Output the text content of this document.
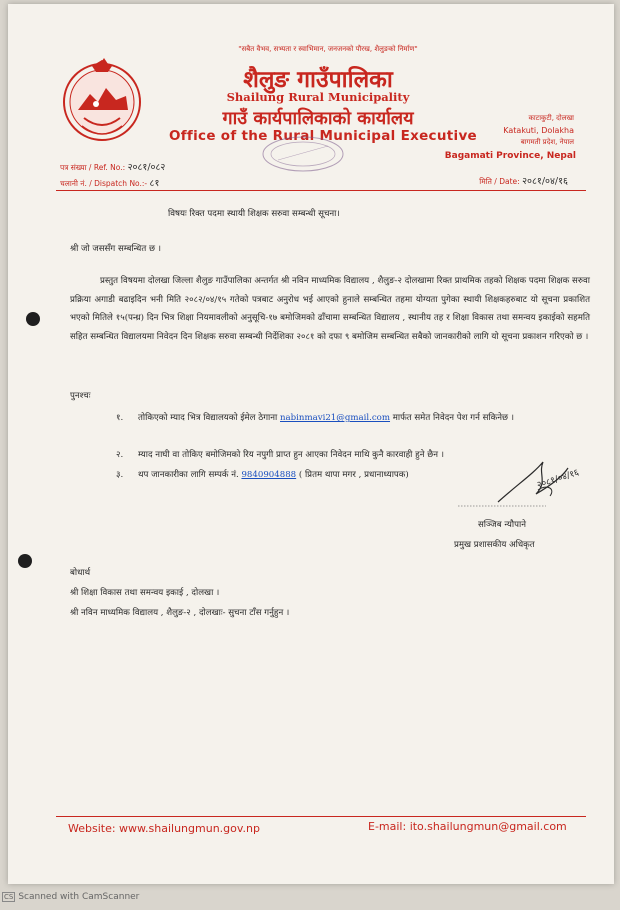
"सबैत वैभव, सभ्यता र स्वाभिमान, जनजनको पौरख, शैलुङको निर्माण"
शैलुङ गाउँपालिका
Shailung Rural Municipality
गाउँ कार्यपालिकाको कार्यालय
Office of the Rural Municipal Executive
काटाकुटी, दोलखा
Katakuti, Dolakha
बागमती प्रदेश, नेपाल
Bagamati Province, Nepal
पत्र संख्या / Ref. No.: २०८१/०८२
चलानी नं. / Dispatch No.:- ८१	मिति / Date: २०८१/०४/१६
विषयः रिक्त पदमा स्थायी शिक्षक सरुवा सम्बन्धी सूचना।
श्री जो जससँग सम्बन्धित छ ।
प्रस्तुत विषयमा दोलखा जिल्ला शैलुङ गाउँपालिका अन्तर्गत श्री नविन माध्यमिक विद्यालय , शैलुङ-२ दोलखामा रिक्त प्राथमिक तहको शिक्षक पदमा शिक्षक सरुवा प्रक्रिया अगाडी बढाइदिन भनी मिति २०८२/०४/१५ गतेको पत्रबाट अनुरोध भई आएको हुनाले सम्बन्धित तहमा योग्यता पुगेका स्थायी शिक्षकहरुबाट यो सूचना प्रकाशित भएको मितिले १५(पन्ध्र) दिन भित्र शिक्षा नियमावलीको अनुसूचि-१७ बमोजिमको ढाँचामा सम्बन्धित विद्यालय , स्थानीय तह र शिक्षा विकास तथा समन्वय इकाईको सहमति सहित सम्बन्धित विद्यालयमा निवेदन दिन शिक्षक सरुवा सम्बन्धी निर्देशिका २०८१ को दफा ९ बमोजिम सम्बन्धित सबैको जानकारीको लागि यो सूचना प्रकाशन गरिएको छ ।
पुनश्चः
१. तोकिएको म्याद भित्र विद्यालयको ईमेल ठेगाना nabinmavi21@gmail.com मार्फत समेत निवेदन पेश गर्न सकिनेछ ।
२. म्याद नाघी वा तोकिए बमोजिमको रिय नपुगी प्राप्त हुन आएका निवेदन माथि कुनै कारवाही हुने छैन ।
३. थप जानकारीका लागि सम्पर्क नं. 9840904888 ( प्रितम थापा मगर , प्रधानाध्यापक)	२०८१/०४/१६
सञ्जिब न्यौपाने
प्रमुख प्रशासकीय अधिकृत
बोधार्थ
श्री शिक्षा विकास तथा समन्वय इकाई , दोलखा ।
श्री नविन माध्यमिक विद्यालय , शैलुङ-२ , दोलखाः- सुचना टाँस गर्नुहुन ।
Website: www.shailungmun.gov.np	E-mail: ito.shailungmun@gmail.com
CS Scanned with CamScanner
